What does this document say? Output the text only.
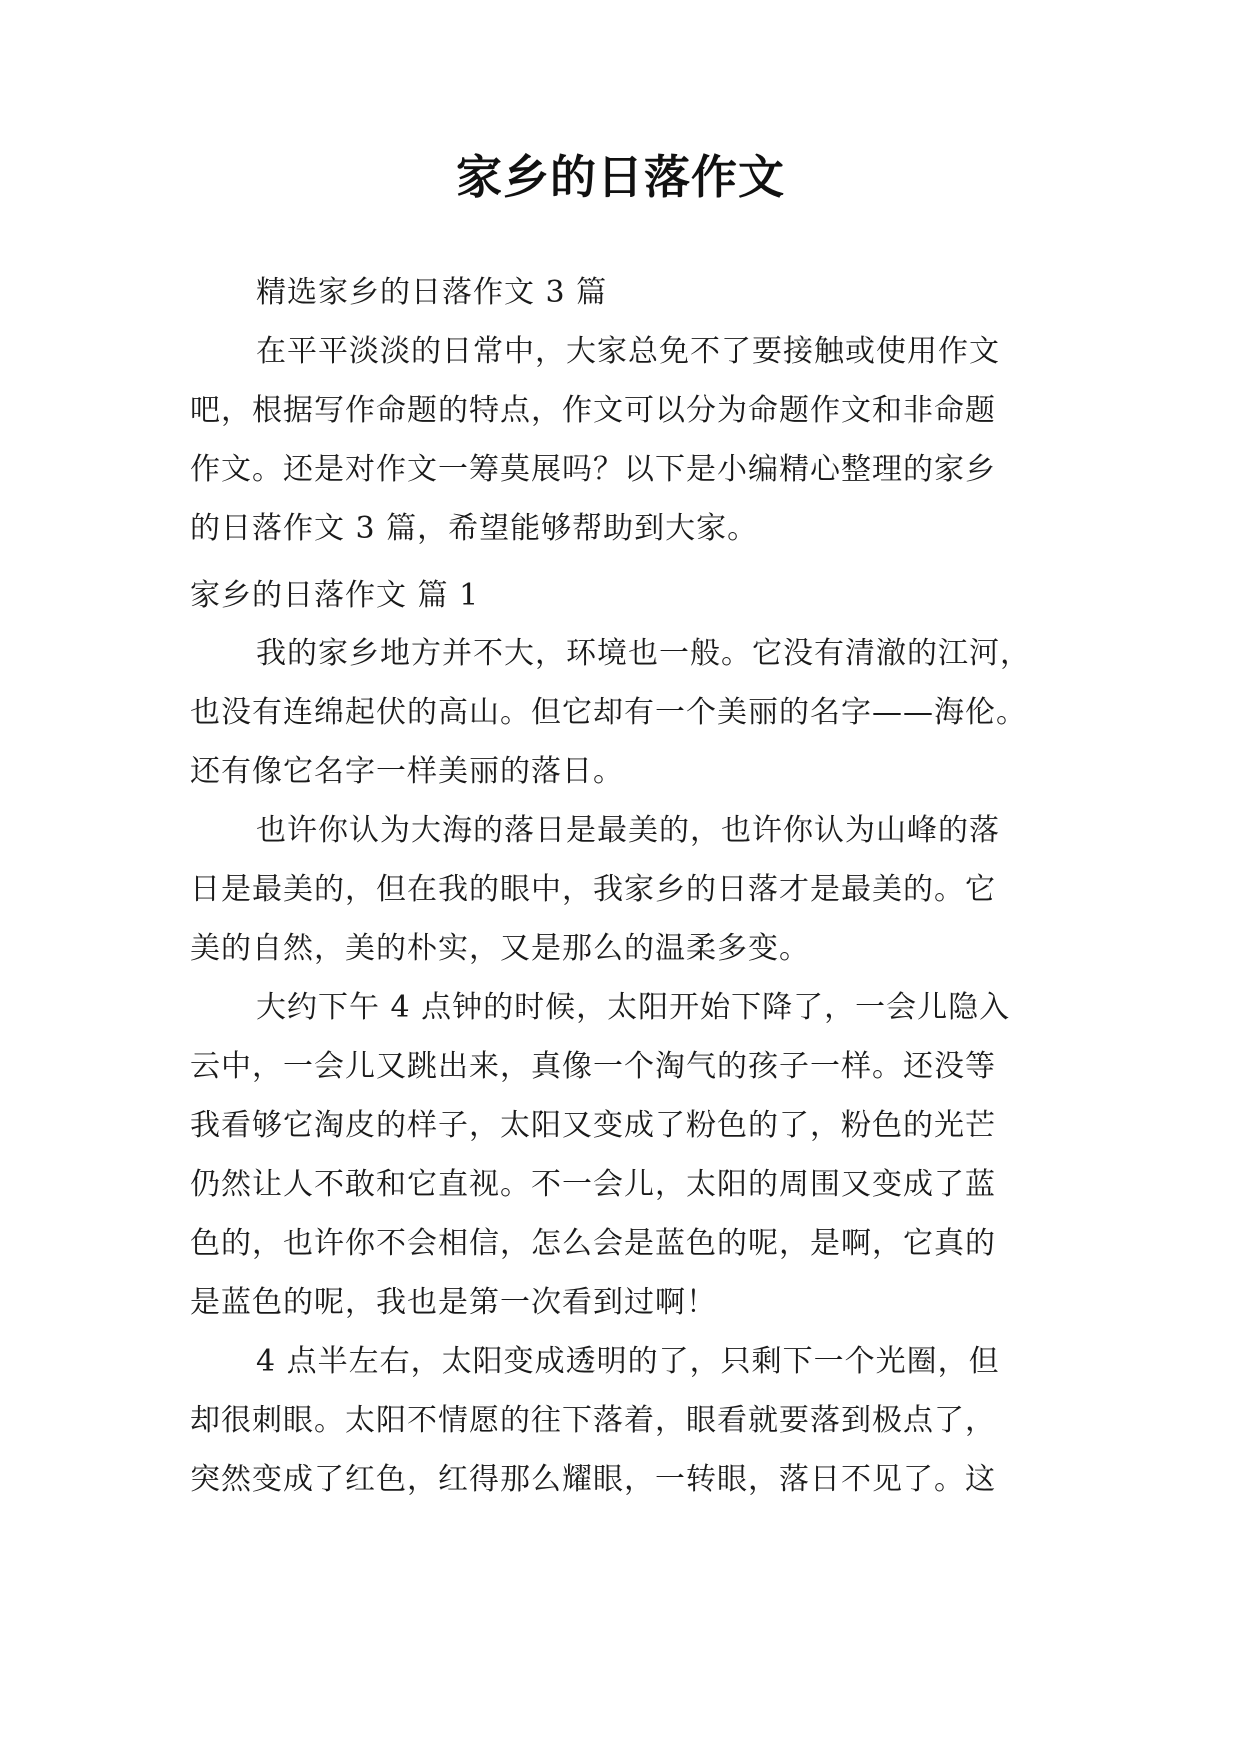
家乡的日落作文
精选家乡的日落作文 3 篇
在平平淡淡的日常中，大家总免不了要接触或使用作文
吧，根据写作命题的特点，作文可以分为命题作文和非命题
作文。还是对作文一筹莫展吗？以下是小编精心整理的家乡
的日落作文 3 篇，希望能够帮助到大家。
家乡的日落作文 篇 1
我的家乡地方并不大，环境也一般。它没有清澈的江河，
也没有连绵起伏的高山。但它却有一个美丽的名字——海伦。
还有像它名字一样美丽的落日。
也许你认为大海的落日是最美的，也许你认为山峰的落
日是最美的，但在我的眼中，我家乡的日落才是最美的。它
美的自然，美的朴实，又是那么的温柔多变。
大约下午 4 点钟的时候，太阳开始下降了，一会儿隐入
云中，一会儿又跳出来，真像一个淘气的孩子一样。还没等
我看够它淘皮的样子，太阳又变成了粉色的了，粉色的光芒
仍然让人不敢和它直视。不一会儿，太阳的周围又变成了蓝
色的，也许你不会相信，怎么会是蓝色的呢，是啊，它真的
是蓝色的呢，我也是第一次看到过啊！
4 点半左右，太阳变成透明的了，只剩下一个光圈，但
却很刺眼。太阳不情愿的往下落着，眼看就要落到极点了，
突然变成了红色，红得那么耀眼，一转眼，落日不见了。这
